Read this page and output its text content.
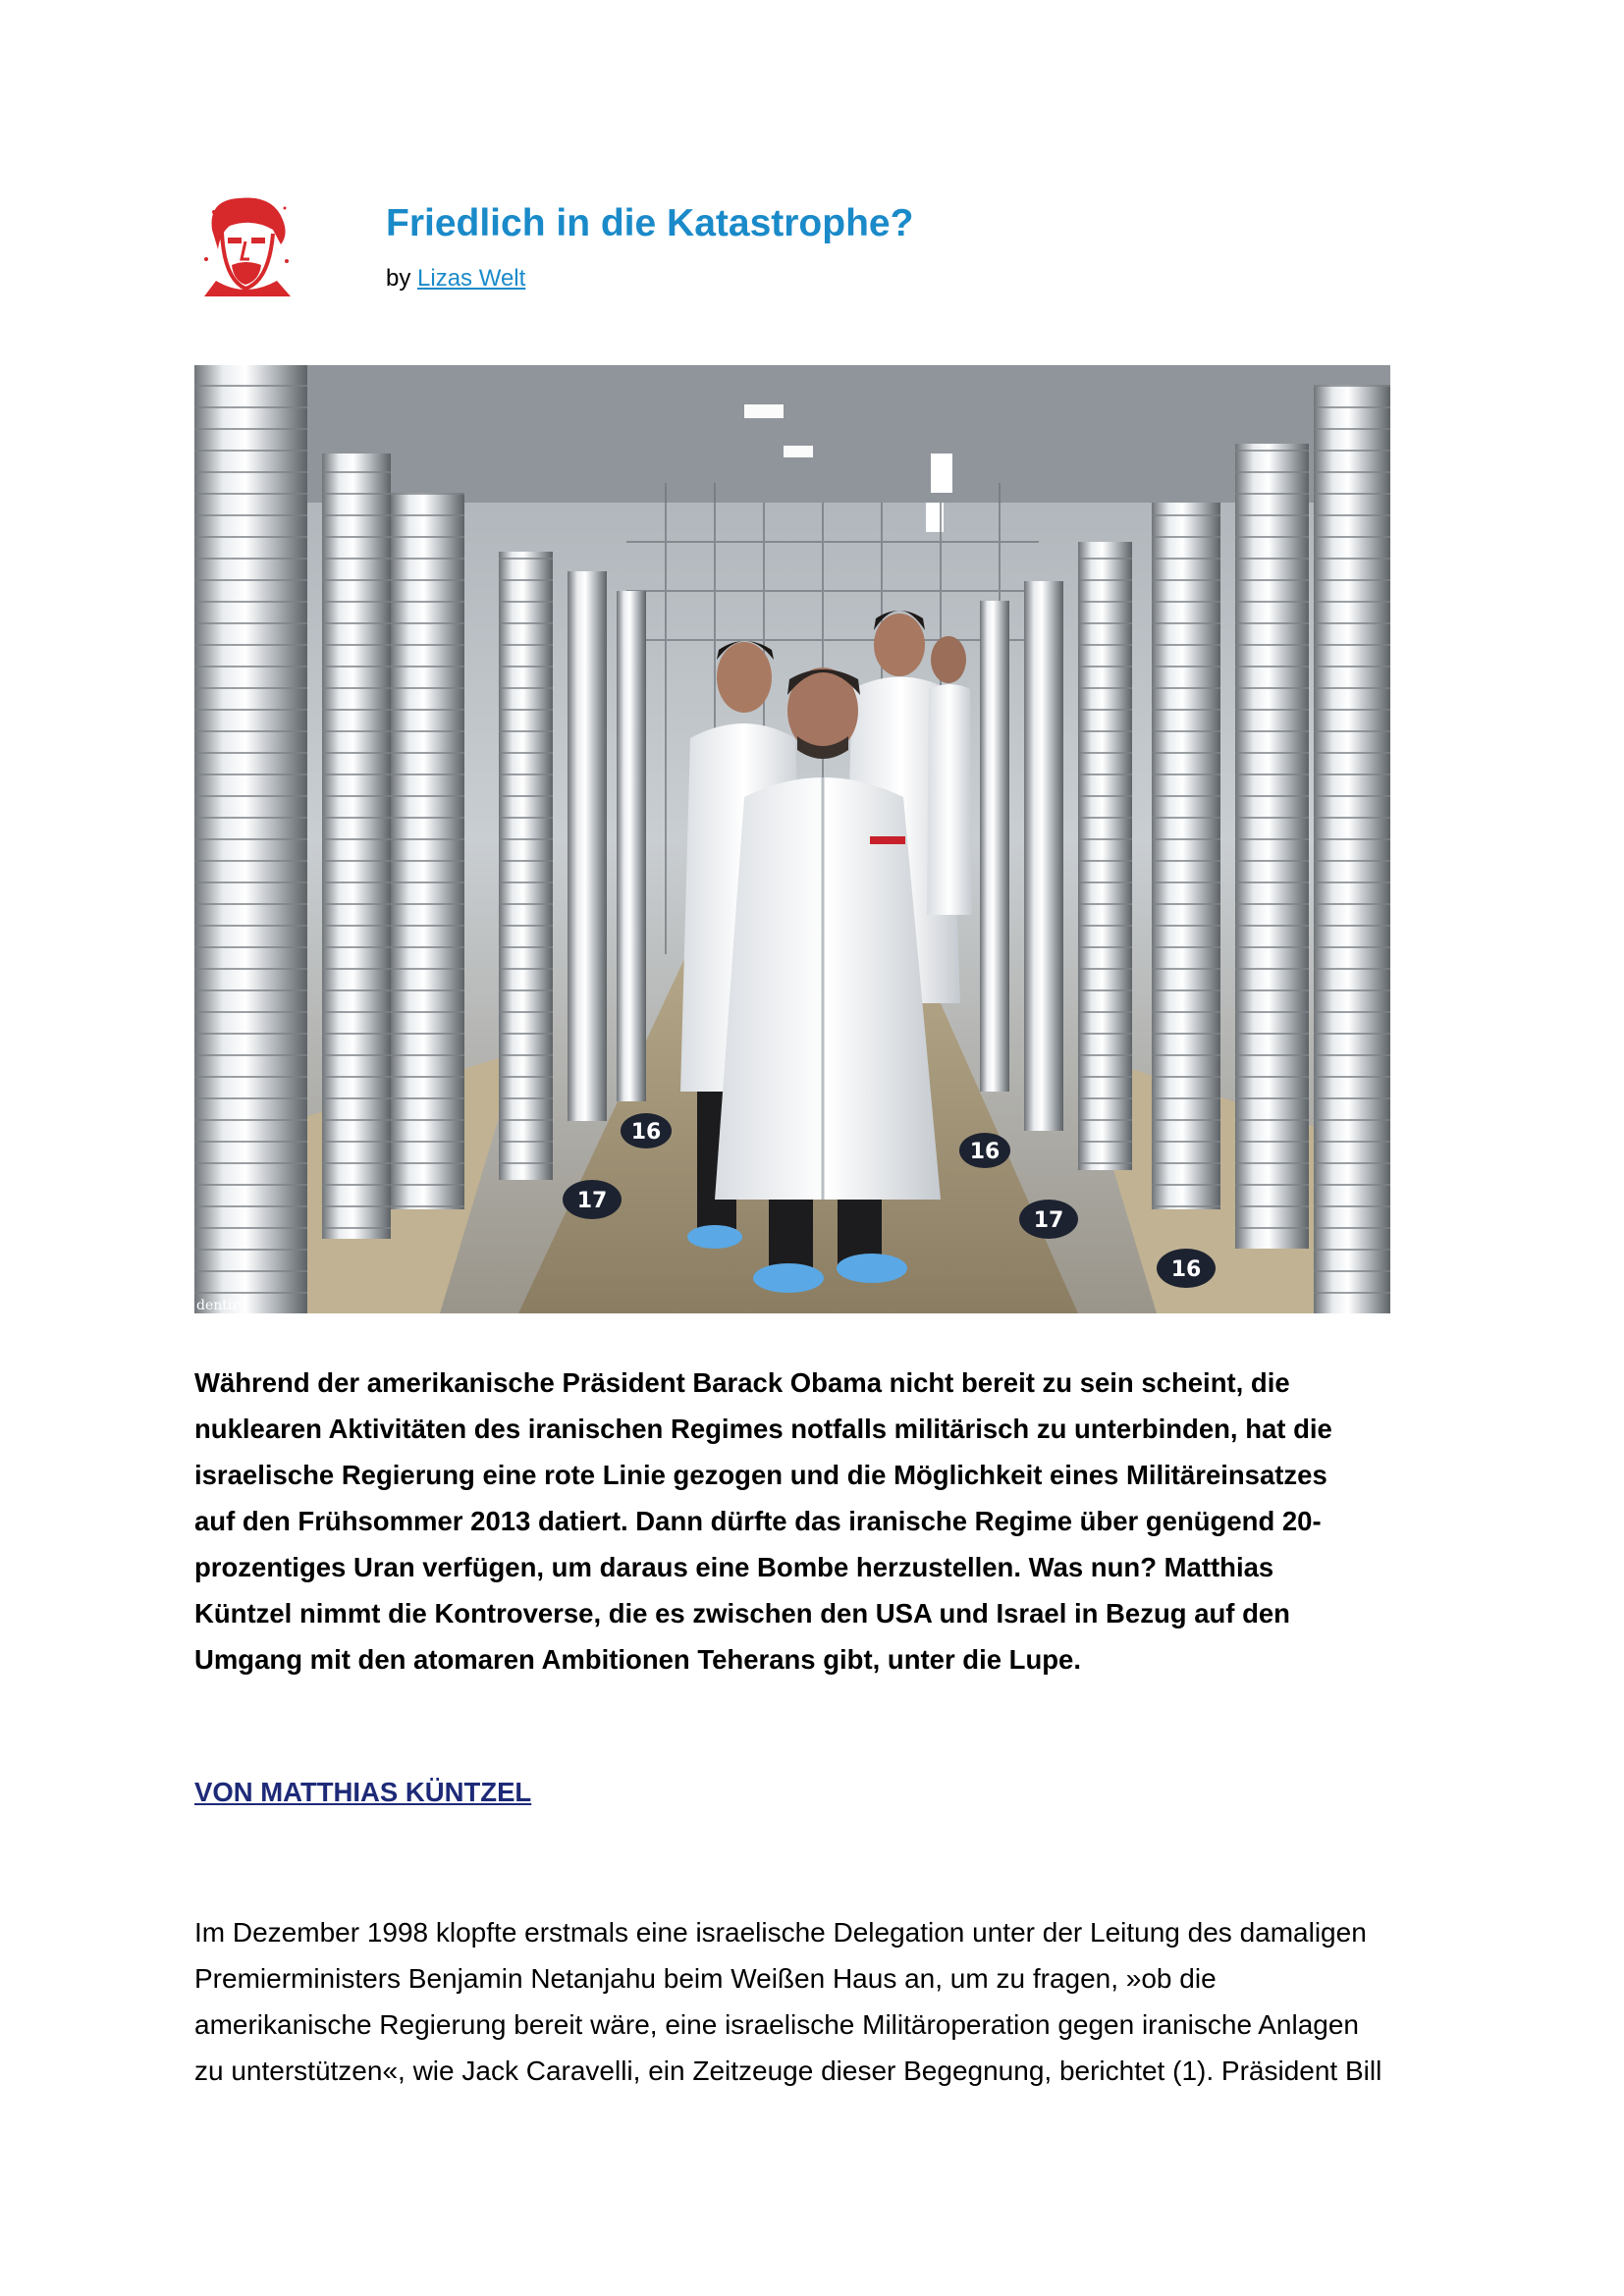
Friedlich in die Katastrophe?
by Lizas Welt
16
17
16
17
16
dentir

Während der amerikanische Präsident Barack Obama nicht bereit zu sein scheint, die
nuklearen Aktivitäten des iranischen Regimes notfalls militärisch zu unterbinden, hat die
israelische Regierung eine rote Linie gezogen und die Möglichkeit eines Militäreinsatzes
auf den Frühsommer 2013 datiert. Dann dürfte das iranische Regime über genügend 20-
prozentiges Uran verfügen, um daraus eine Bombe herzustellen. Was nun? Matthias
Küntzel nimmt die Kontroverse, die es zwischen den USA und Israel in Bezug auf den
Umgang mit den atomaren Ambitionen Teherans gibt, unter die Lupe.

VON MATTHIAS KÜNTZEL

Im Dezember 1998 klopfte erstmals eine israelische Delegation unter der Leitung des damaligen
Premierministers Benjamin Netanjahu beim Weißen Haus an, um zu fragen, »ob die
amerikanische Regierung bereit wäre, eine israelische Militäroperation gegen iranische Anlagen
zu unterstützen«, wie Jack Caravelli, ein Zeitzeuge dieser Begegnung, berichtet (1). Präsident Bill
